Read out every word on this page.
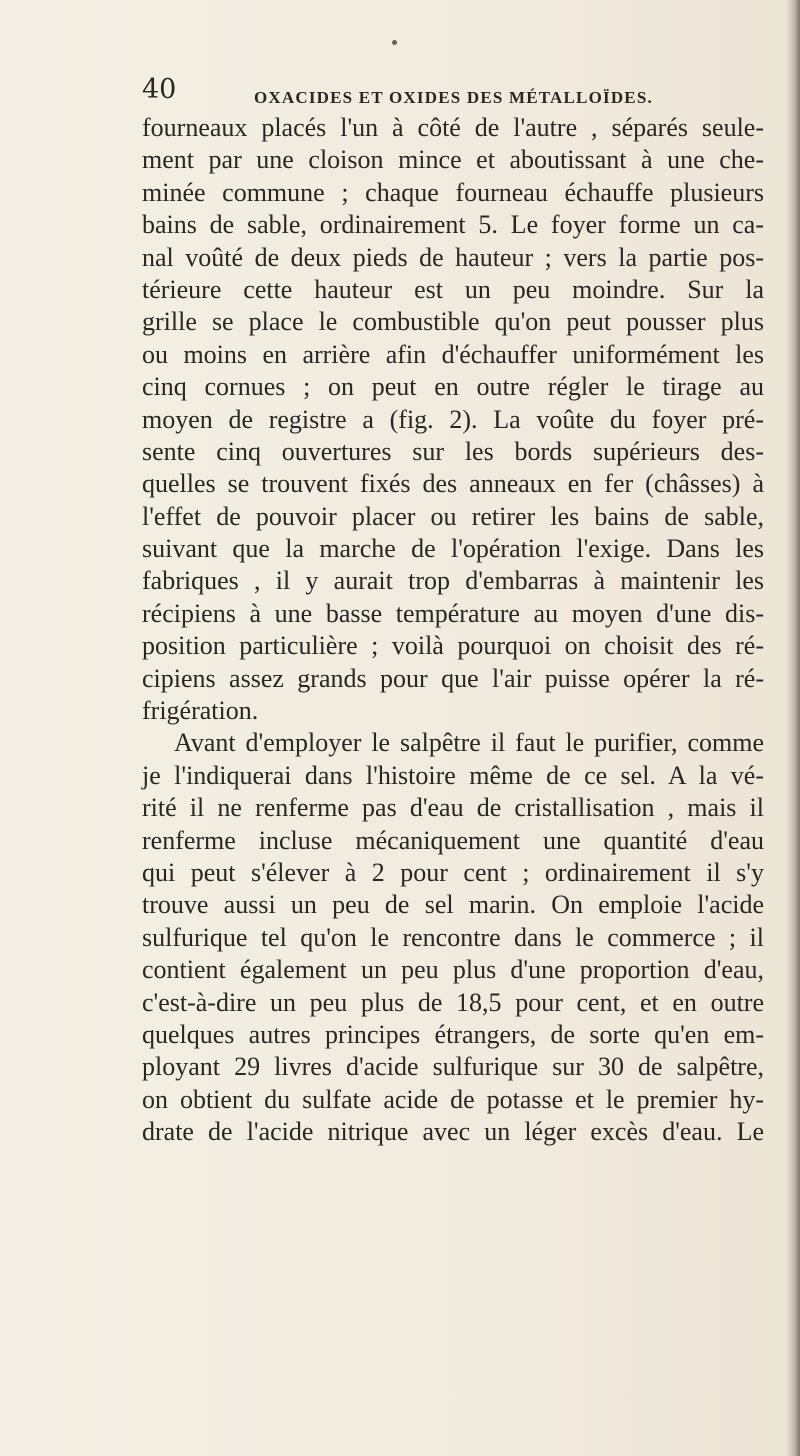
40	OXACIDES ET OXIDES DES MÉTALLOÏDES.
fourneaux placés l'un à côté de l'autre , séparés seule-
ment par une cloison mince et aboutissant à une che-
minée commune ; chaque fourneau échauffe plusieurs
bains de sable, ordinairement 5. Le foyer forme un ca-
nal voûté de deux pieds de hauteur ; vers la partie pos-
térieure cette hauteur est un peu moindre. Sur la
grille se place le combustible qu'on peut pousser plus
ou moins en arrière afin d'échauffer uniformément les
cinq cornues ; on peut en outre régler le tirage au
moyen de registre a (fig. 2). La voûte du foyer pré-
sente cinq ouvertures sur les bords supérieurs des-
quelles se trouvent fixés des anneaux en fer (châsses) à
l'effet de pouvoir placer ou retirer les bains de sable,
suivant que la marche de l'opération l'exige. Dans les
fabriques , il y aurait trop d'embarras à maintenir les
récipiens à une basse température au moyen d'une dis-
position particulière ; voilà pourquoi on choisit des ré-
cipiens assez grands pour que l'air puisse opérer la ré-
frigération.
Avant d'employer le salpêtre il faut le purifier, comme
je l'indiquerai dans l'histoire même de ce sel. A la vé-
rité il ne renferme pas d'eau de cristallisation , mais il
renferme incluse mécaniquement une quantité d'eau
qui peut s'élever à 2 pour cent ; ordinairement il s'y
trouve aussi un peu de sel marin. On emploie l'acide
sulfurique tel qu'on le rencontre dans le commerce ; il
contient également un peu plus d'une proportion d'eau,
c'est-à-dire un peu plus de 18,5 pour cent, et en outre
quelques autres principes étrangers, de sorte qu'en em-
ployant 29 livres d'acide sulfurique sur 30 de salpêtre,
on obtient du sulfate acide de potasse et le premier hy-
drate de l'acide nitrique avec un léger excès d'eau. Le
